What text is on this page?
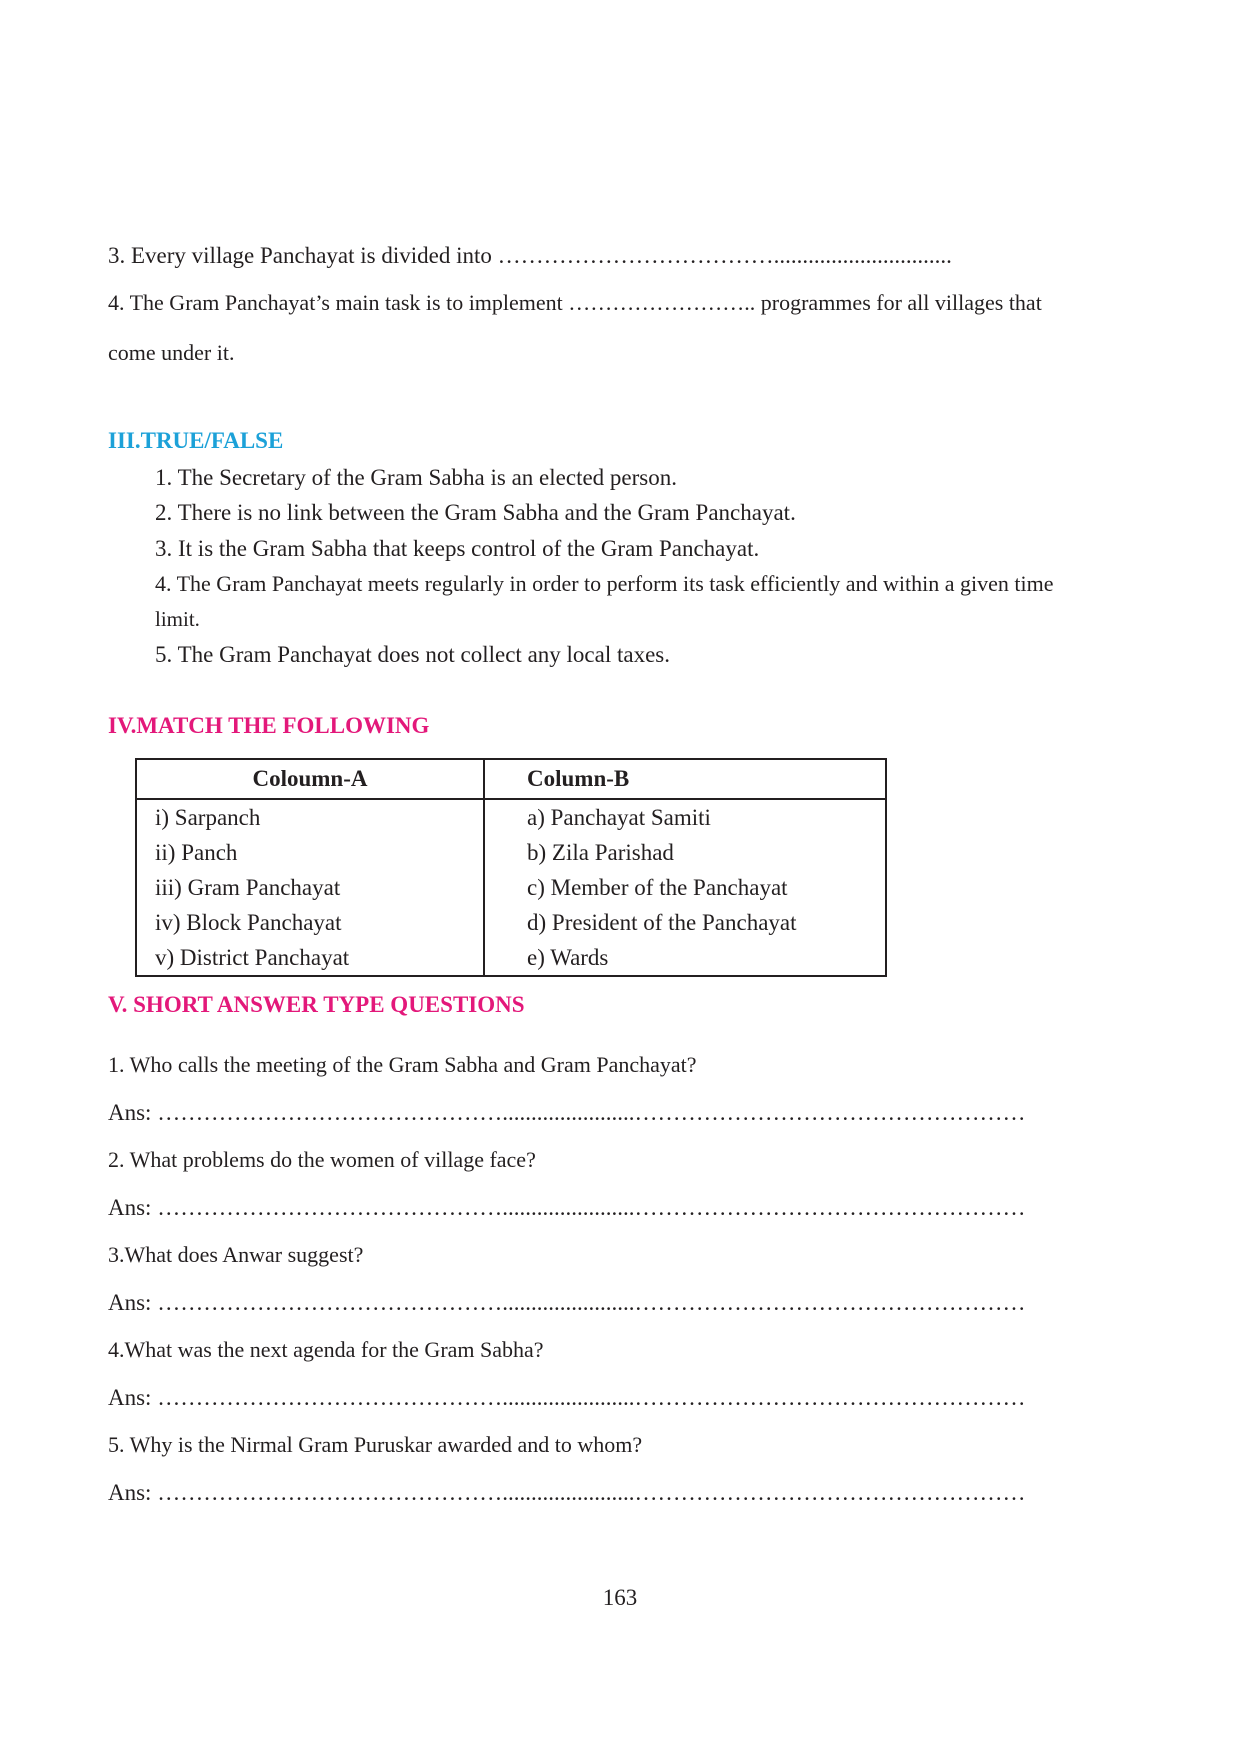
3. Every village Panchayat is divided into ………………………………...............................
4. The Gram Panchayat’s main task is to implement …………………….. programmes for all villages that
come under it.
III.TRUE/FALSE
1. The Secretary of the Gram Sabha is an elected person.
2. There is no link between the Gram Sabha and the Gram Panchayat.
3. It is the Gram Sabha that keeps control of the Gram Panchayat.
4. The Gram Panchayat meets regularly in order to perform its task efficiently and within a given time
limit.
5. The Gram Panchayat does not collect any local taxes.
IV.MATCH THE FOLLOWING
Coloumn-A	Column-B
i) Sarpanch	a) Panchayat Samiti
ii) Panch	b) Zila Parishad
iii) Gram Panchayat	c) Member of the Panchayat
iv) Block Panchayat	d) President of the Panchayat
v) District Panchayat	e) Wards
V. SHORT ANSWER TYPE QUESTIONS
1. Who calls the meeting of the Gram Sabha and Gram Panchayat?
Ans: ……………………………………….......................……………………………………………
2. What problems do the women of village face?
Ans: ……………………………………….......................……………………………………………
3.What does Anwar suggest?
Ans: ……………………………………….......................……………………………………………
4.What was the next agenda for the Gram Sabha?
Ans: ……………………………………….......................……………………………………………
5. Why is the Nirmal Gram Puruskar awarded and to whom?
Ans: ……………………………………….......................……………………………………………
163
